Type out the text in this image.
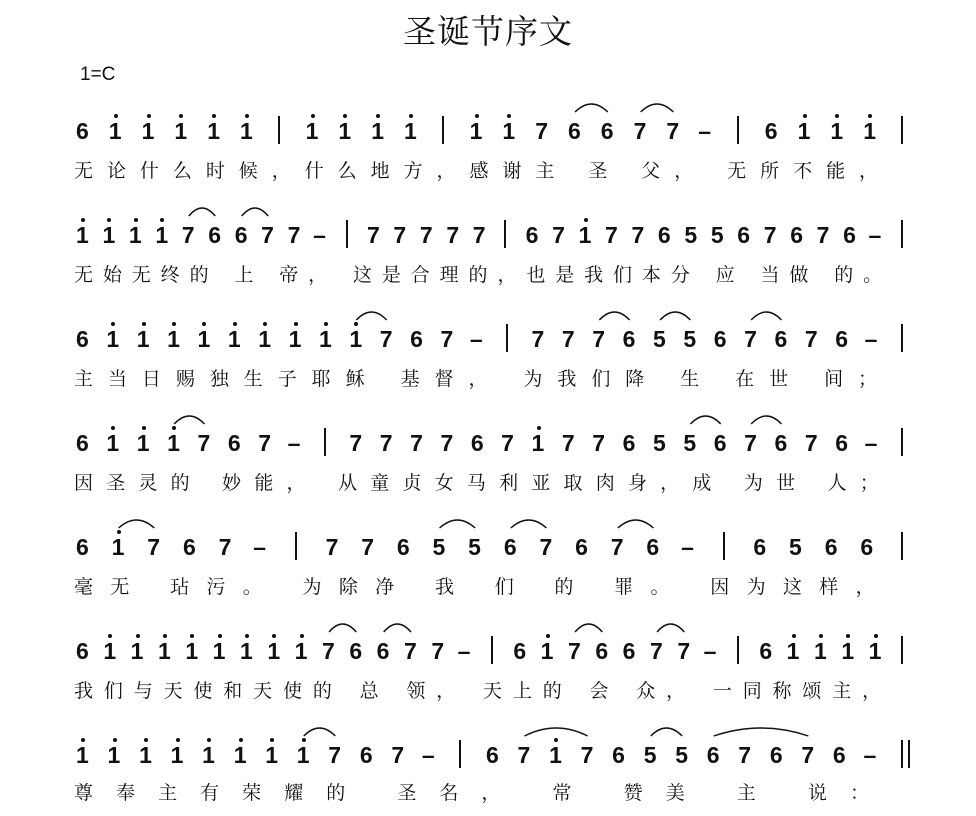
圣诞节序文
1=C
6 1 1 1 1 1 1 1 1 1 1 1 7 6 6 7 7 – 6 1 1 1
无论什么时候，什么地方，感谢主 圣 父， 无所不能，
1 1 1 1 7 6 6 7 7 – 7 7 7 7 7 6 7 1 7 7 6 5 5 6 7 6 7 6 –
无始无终的 上 帝， 这是合理的，也是我们本分 应 当做 的。
6 1 1 1 1 1 1 1 1 1 7 6 7 – 7 7 7 6 5 5 6 7 6 7 6 –
主当日赐独生子耶稣 基督， 为我们降 生 在世 间；
6 1 1 1 7 6 7 – 7 7 7 7 6 7 1 7 7 6 5 5 6 7 6 7 6 –
因圣灵的 妙能， 从童贞女马利亚取肉身，成 为世 人；
6 1 7 6 7 –	7 7 6 5 5 6 7 6 7 6 –	6 5 6 6
毫无 玷污。 为除净 我 们 的 罪。 因为这样，
6 1 1 1 1 1 1 1 1 7 6 6 7 7 – 6 1 7 6 6 7 7 – 6 1 1 1 1
我们与天使和天使的 总 领， 天上的 会 众， 一同称颂主，
1 1 1 1 1 1 1 1 7 6 7 – 6 7 1 7 6 5 5 6 7 6 7 6 –
尊奉主有荣耀的 圣名， 常 赞美 主 说：
